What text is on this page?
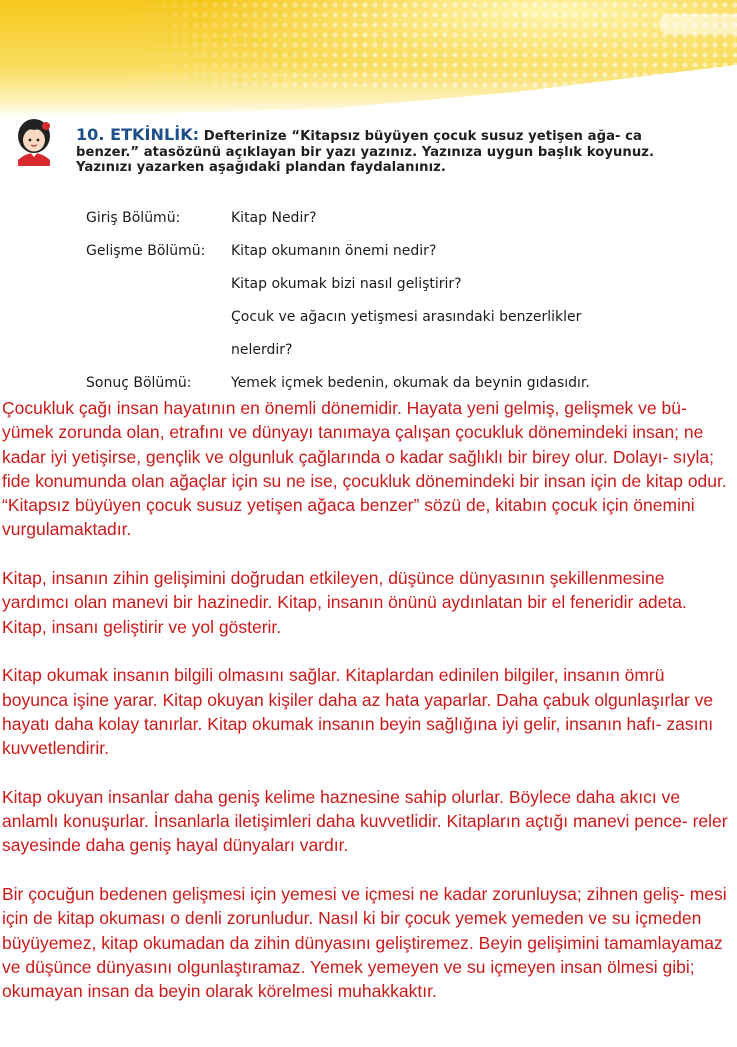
10. ETKİNLİK: Defterinize “Kitapsız büyüyen çocuk susuz yetişen ağa- ca benzer.” atasözünü açıklayan bir yazı yazınız. Yazınıza uygun başlık koyunuz. Yazınızı yazarken aşağıdaki plandan faydalanınız.
Giriş Bölümü:	Kitap Nedir?
Gelişme Bölümü:	Kitap okumanın önemi nedir?
Kitap okumak bizi nasıl geliştirir?
Çocuk ve ağacın yetişmesi arasındaki benzerlikler
nelerdir?
Sonuç Bölümü:	Yemek içmek bedenin, okumak da beynin gıdasıdır.

Çocukluk çağı insan hayatının en önemli dönemidir. Hayata yeni gelmiş, gelişmek ve bü- yümek zorunda olan, etrafını ve dünyayı tanımaya çalışan çocukluk dönemindeki insan; ne kadar iyi yetişirse, gençlik ve olgunluk çağlarında o kadar sağlıklı bir birey olur. Dolayı- sıyla; fide konumunda olan ağaçlar için su ne ise, çocukluk dönemindeki bir insan için de kitap odur. “Kitapsız büyüyen çocuk susuz yetişen ağaca benzer” sözü de, kitabın çocuk için önemini vurgulamaktadır.

Kitap, insanın zihin gelişimini doğrudan etkileyen, düşünce dünyasının şekillenmesine yardımcı olan manevi bir hazinedir. Kitap, insanın önünü aydınlatan bir el feneridir adeta. Kitap, insanı geliştirir ve yol gösterir.

Kitap okumak insanın bilgili olmasını sağlar. Kitaplardan edinilen bilgiler, insanın ömrü boyunca işine yarar. Kitap okuyan kişiler daha az hata yaparlar. Daha çabuk olgunlaşırlar ve hayatı daha kolay tanırlar. Kitap okumak insanın beyin sağlığına iyi gelir, insanın hafı- zasını kuvvetlendirir.

Kitap okuyan insanlar daha geniş kelime haznesine sahip olurlar. Böylece daha akıcı ve anlamlı konuşurlar. İnsanlarla iletişimleri daha kuvvetlidir. Kitapların açtığı manevi pence- reler sayesinde daha geniş hayal dünyaları vardır.

Bir çocuğun bedenen gelişmesi için yemesi ve içmesi ne kadar zorunluysa; zihnen geliş- mesi için de kitap okuması o denli zorunludur. Nasıl ki bir çocuk yemek yemeden ve su içmeden büyüyemez, kitap okumadan da zihin dünyasını geliştiremez. Beyin gelişimini tamamlayamaz ve düşünce dünyasını olgunlaştıramaz. Yemek yemeyen ve su içmeyen insan ölmesi gibi; okumayan insan da beyin olarak körelmesi muhakkaktır.
